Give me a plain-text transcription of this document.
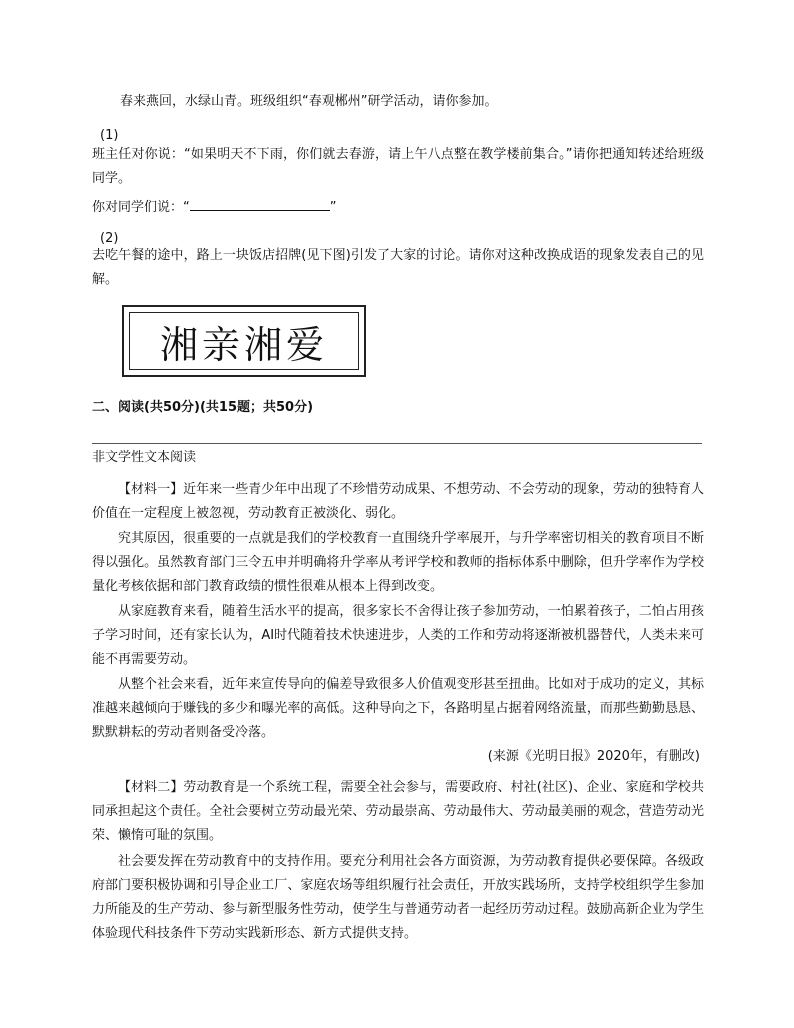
春来燕回，水绿山青。班级组织“春观郴州”研学活动，请你参加。
(1)
班主任对你说：“如果明天不下雨，你们就去春游，请上午八点整在教学楼前集合。”请你把通知转述给班级同学。
你对同学们说：“	”
(2)
去吃午餐的途中，路上一块饭店招牌(见下图)引发了大家的讨论。请你对这种改换成语的现象发表自己的见解。
湘亲湘爱
二、阅读(共50分)(共15题；共50分)
非文学性文本阅读
【材料一】近年来一些青少年中出现了不珍惜劳动成果、不想劳动、不会劳动的现象，劳动的独特育人价值在一定程度上被忽视，劳动教育正被淡化、弱化。
究其原因，很重要的一点就是我们的学校教育一直围绕升学率展开，与升学率密切相关的教育项目不断得以强化。虽然教育部门三令五申并明确将升学率从考评学校和教师的指标体系中删除，但升学率作为学校量化考核依据和部门教育政绩的惯性很难从根本上得到改变。
从家庭教育来看，随着生活水平的提高，很多家长不舍得让孩子参加劳动，一怕累着孩子，二怕占用孩子学习时间，还有家长认为，AI时代随着技术快速进步，人类的工作和劳动将逐渐被机器替代，人类未来可能不再需要劳动。
从整个社会来看，近年来宣传导向的偏差导致很多人价值观变形甚至扭曲。比如对于成功的定义，其标准越来越倾向于赚钱的多少和曝光率的高低。这种导向之下，各路明星占据着网络流量，而那些勤勤恳恳、默默耕耘的劳动者则备受冷落。
(来源《光明日报》2020年，有删改)
【材料二】劳动教育是一个系统工程，需要全社会参与，需要政府、村社(社区)、企业、家庭和学校共同承担起这个责任。全社会要树立劳动最光荣、劳动最崇高、劳动最伟大、劳动最美丽的观念，营造劳动光荣、懒惰可耻的氛围。
社会要发挥在劳动教育中的支持作用。要充分利用社会各方面资源，为劳动教育提供必要保障。各级政府部门要积极协调和引导企业工厂、家庭农场等组织履行社会责任，开放实践场所，支持学校组织学生参加力所能及的生产劳动、参与新型服务性劳动，使学生与普通劳动者一起经历劳动过程。鼓励高新企业为学生体验现代科技条件下劳动实践新形态、新方式提供支持。
